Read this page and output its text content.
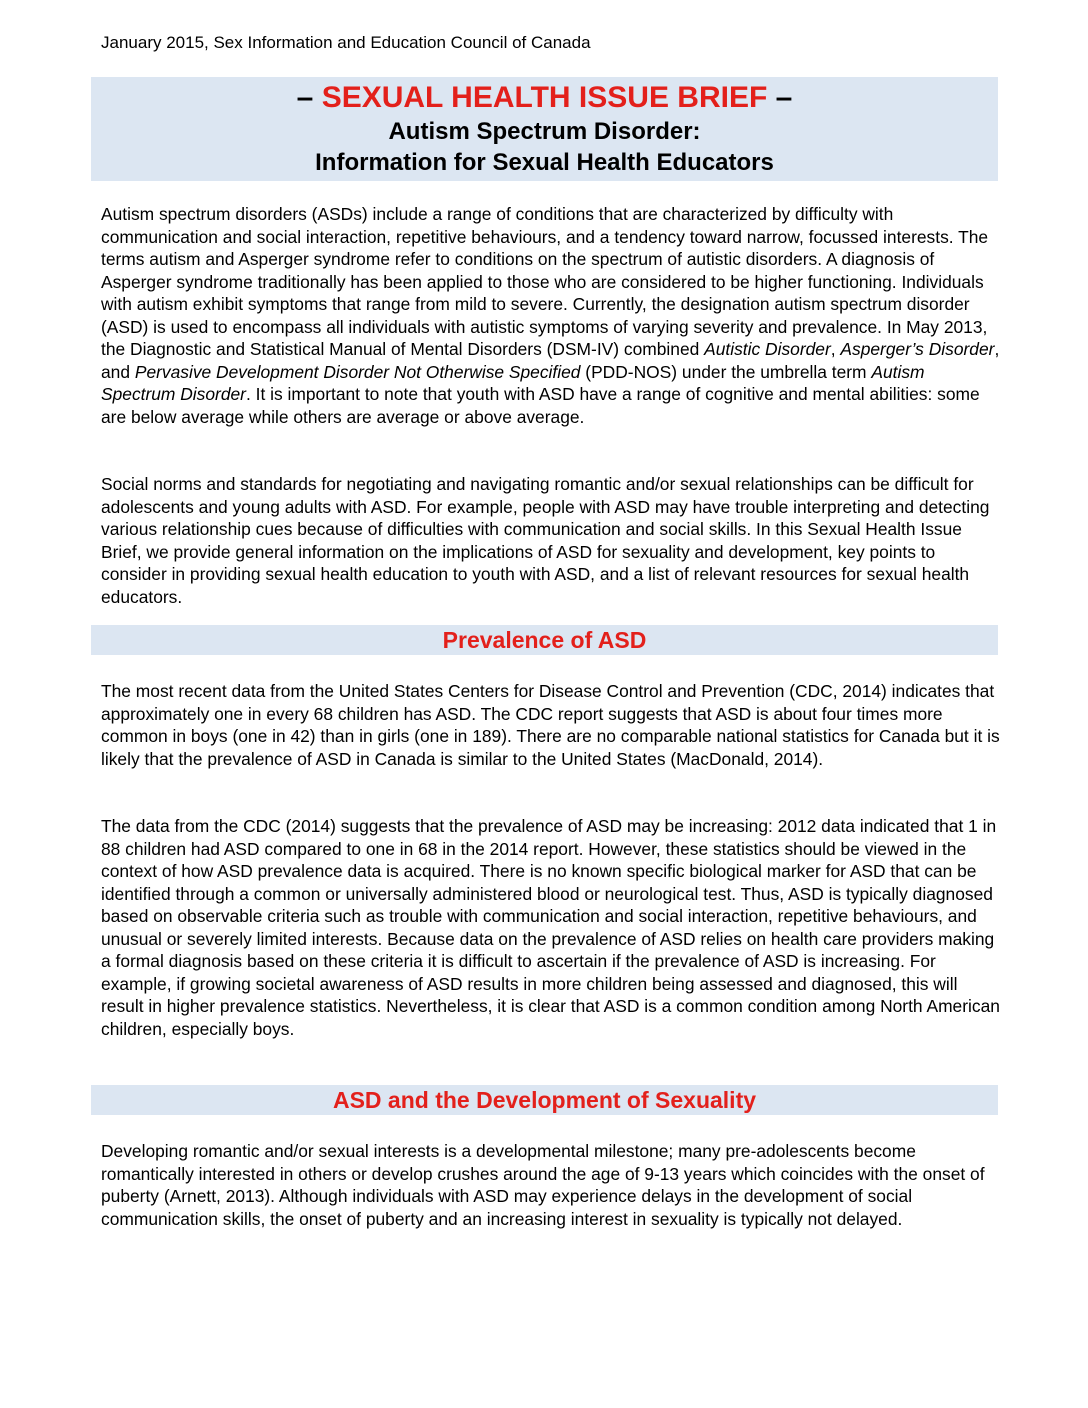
January 2015, Sex Information and Education Council of Canada
– SEXUAL HEALTH ISSUE BRIEF –
Autism Spectrum Disorder:
Information for Sexual Health Educators

Autism spectrum disorders (ASDs) include a range of conditions that are characterized by difficulty with communication and social interaction, repetitive behaviours, and a tendency toward narrow, focussed interests. The terms autism and Asperger syndrome refer to conditions on the spectrum of autistic disorders. A diagnosis of Asperger syndrome traditionally has been applied to those who are considered to be higher functioning. Individuals with autism exhibit symptoms that range from mild to severe. Currently, the designation autism spectrum disorder (ASD) is used to encompass all individuals with autistic symptoms of varying severity and prevalence. In May 2013, the Diagnostic and Statistical Manual of Mental Disorders (DSM-IV) combined Autistic Disorder, Asperger’s Disorder, and Pervasive Development Disorder Not Otherwise Specified (PDD-NOS) under the umbrella term Autism Spectrum Disorder. It is important to note that youth with ASD have a range of cognitive and mental abilities: some are below average while others are average or above average.

Social norms and standards for negotiating and navigating romantic and/or sexual relationships can be difficult for adolescents and young adults with ASD. For example, people with ASD may have trouble interpreting and detecting various relationship cues because of difficulties with communication and social skills. In this Sexual Health Issue Brief, we provide general information on the implications of ASD for sexuality and development, key points to consider in providing sexual health education to youth with ASD, and a list of relevant resources for sexual health educators.

Prevalence of ASD

The most recent data from the United States Centers for Disease Control and Prevention (CDC, 2014) indicates that approximately one in every 68 children has ASD. The CDC report suggests that ASD is about four times more common in boys (one in 42) than in girls (one in 189). There are no comparable national statistics for Canada but it is likely that the prevalence of ASD in Canada is similar to the United States (MacDonald, 2014).

The data from the CDC (2014) suggests that the prevalence of ASD may be increasing: 2012 data indicated that 1 in 88 children had ASD compared to one in 68 in the 2014 report. However, these statistics should be viewed in the context of how ASD prevalence data is acquired. There is no known specific biological marker for ASD that can be identified through a common or universally administered blood or neurological test. Thus, ASD is typically diagnosed based on observable criteria such as trouble with communication and social interaction, repetitive behaviours, and unusual or severely limited interests. Because data on the prevalence of ASD relies on health care providers making a formal diagnosis based on these criteria it is difficult to ascertain if the prevalence of ASD is increasing. For example, if growing societal awareness of ASD results in more children being assessed and diagnosed, this will result in higher prevalence statistics. Nevertheless, it is clear that ASD is a common condition among North American children, especially boys.

ASD and the Development of Sexuality

Developing romantic and/or sexual interests is a developmental milestone; many pre-adolescents become romantically interested in others or develop crushes around the age of 9-13 years which coincides with the onset of puberty (Arnett, 2013). Although individuals with ASD may experience delays in the development of social communication skills, the onset of puberty and an increasing interest in sexuality is typically not delayed.
